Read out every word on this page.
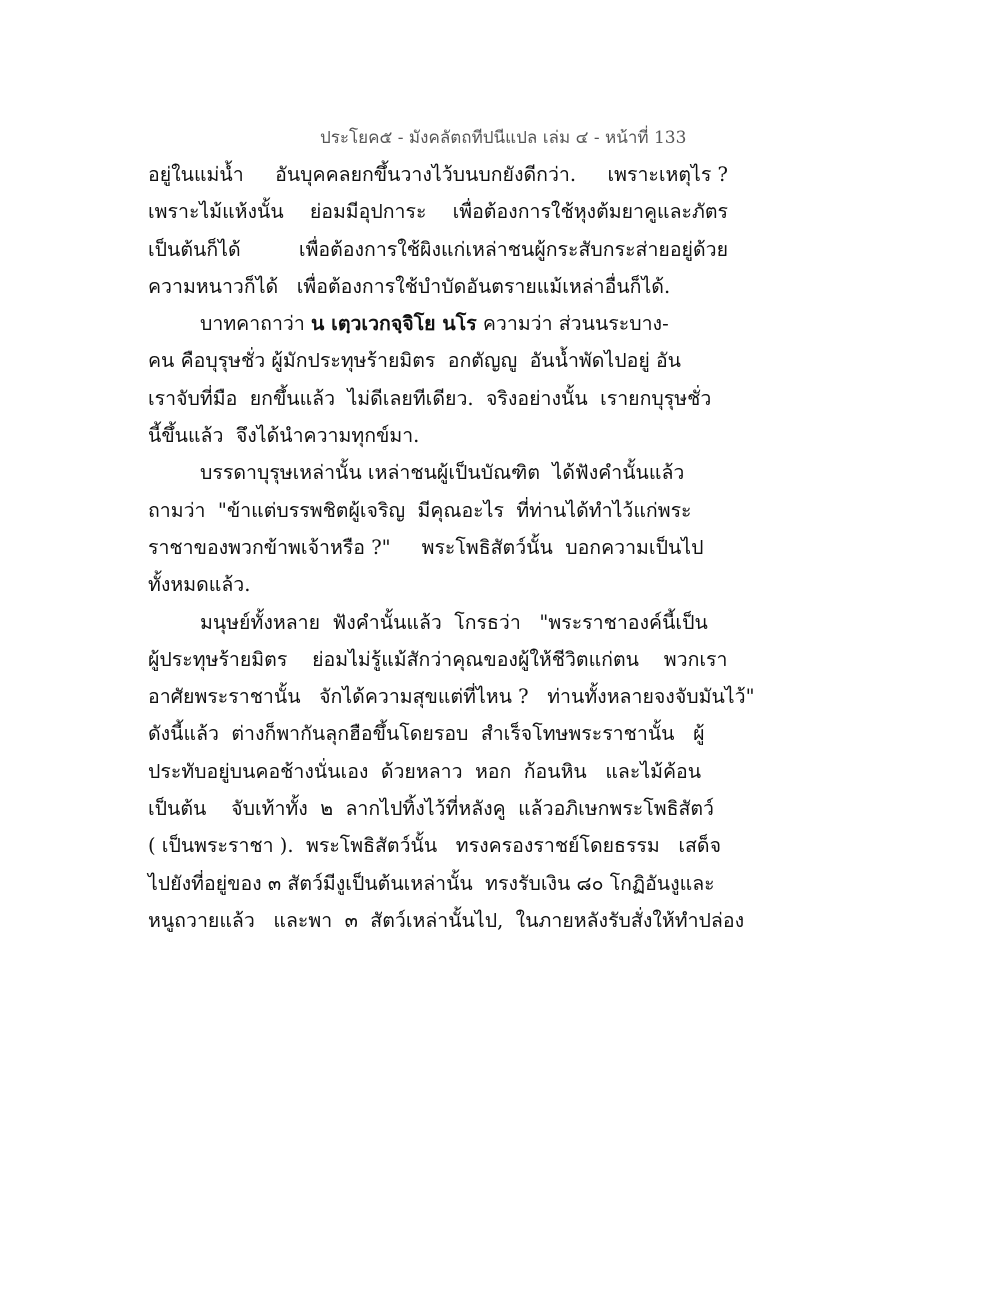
ประโยค๕ - มังคลัตถทีปนีแปล เล่ม ๔ - หน้าที่ 133
อยู่ในแม่น้ำ อันบุคคลยกขึ้นวางไว้บนบกยังดีกว่า. เพราะเหตุไร ?
เพราะไม้แห้งนั้น ย่อมมีอุปการะ เพื่อต้องการใช้หุงต้มยาคูและภัตร
เป็นต้นก็ได้	เพื่อต้องการใช้ผิงแก่เหล่าชนผู้กระสับกระส่ายอยู่ด้วย
ความหนาวก็ได้   เพื่อต้องการใช้บำบัดอันตรายแม้เหล่าอื่นก็ได้.
บาทคาถาว่า น เตฺวเวกจฺจิโย นโร ความว่า ส่วนนระบาง-
คน คือบุรุษชั่ว ผู้มักประทุษร้ายมิตร  อกตัญญู  อันน้ำพัดไปอยู่ อัน
เราจับที่มือ  ยกขึ้นแล้ว  ไม่ดีเลยทีเดียว.  จริงอย่างนั้น  เรายกบุรุษชั่ว
นี้ขึ้นแล้ว  จึงได้นำความทุกข์มา.
บรรดาบุรุษเหล่านั้น เหล่าชนผู้เป็นบัณฑิต  ได้ฟังคำนั้นแล้ว
ถามว่า  "ข้าแต่บรรพชิตผู้เจริญ  มีคุณอะไร  ที่ท่านได้ทำไว้แก่พระ
ราชาของพวกข้าพเจ้าหรือ ?"     พระโพธิสัตว์นั้น  บอกความเป็นไป
ทั้งหมดแล้ว.
มนุษย์ทั้งหลาย  ฟังคำนั้นแล้ว  โกรธว่า   "พระราชาองค์นี้เป็น
ผู้ประทุษร้ายมิตร    ย่อมไม่รู้แม้สักว่าคุณของผู้ให้ชีวิตแก่ตน    พวกเรา
อาศัยพระราชานั้น   จักได้ความสุขแต่ที่ไหน ?   ท่านทั้งหลายจงจับมันไว้"
ดังนี้แล้ว  ต่างก็พากันลุกฮือขึ้นโดยรอบ  สำเร็จโทษพระราชานั้น   ผู้
ประทับอยู่บนคอช้างนั่นเอง  ด้วยหลาว  หอก  ก้อนหิน   และไม้ค้อน
เป็นต้น    จับเท้าทั้ง  ๒  ลากไปทิ้งไว้ที่หลังคู  แล้วอภิเษกพระโพธิสัตว์
( เป็นพระราชา ).  พระโพธิสัตว์นั้น   ทรงครองราชย์โดยธรรม   เสด็จ
ไปยังที่อยู่ของ ๓ สัตว์มีงูเป็นต้นเหล่านั้น  ทรงรับเงิน ๘๐ โกฏิอันงูและ
หนูถวายแล้ว   และพา  ๓  สัตว์เหล่านั้นไป,  ในภายหลังรับสั่งให้ทำปล่อง
